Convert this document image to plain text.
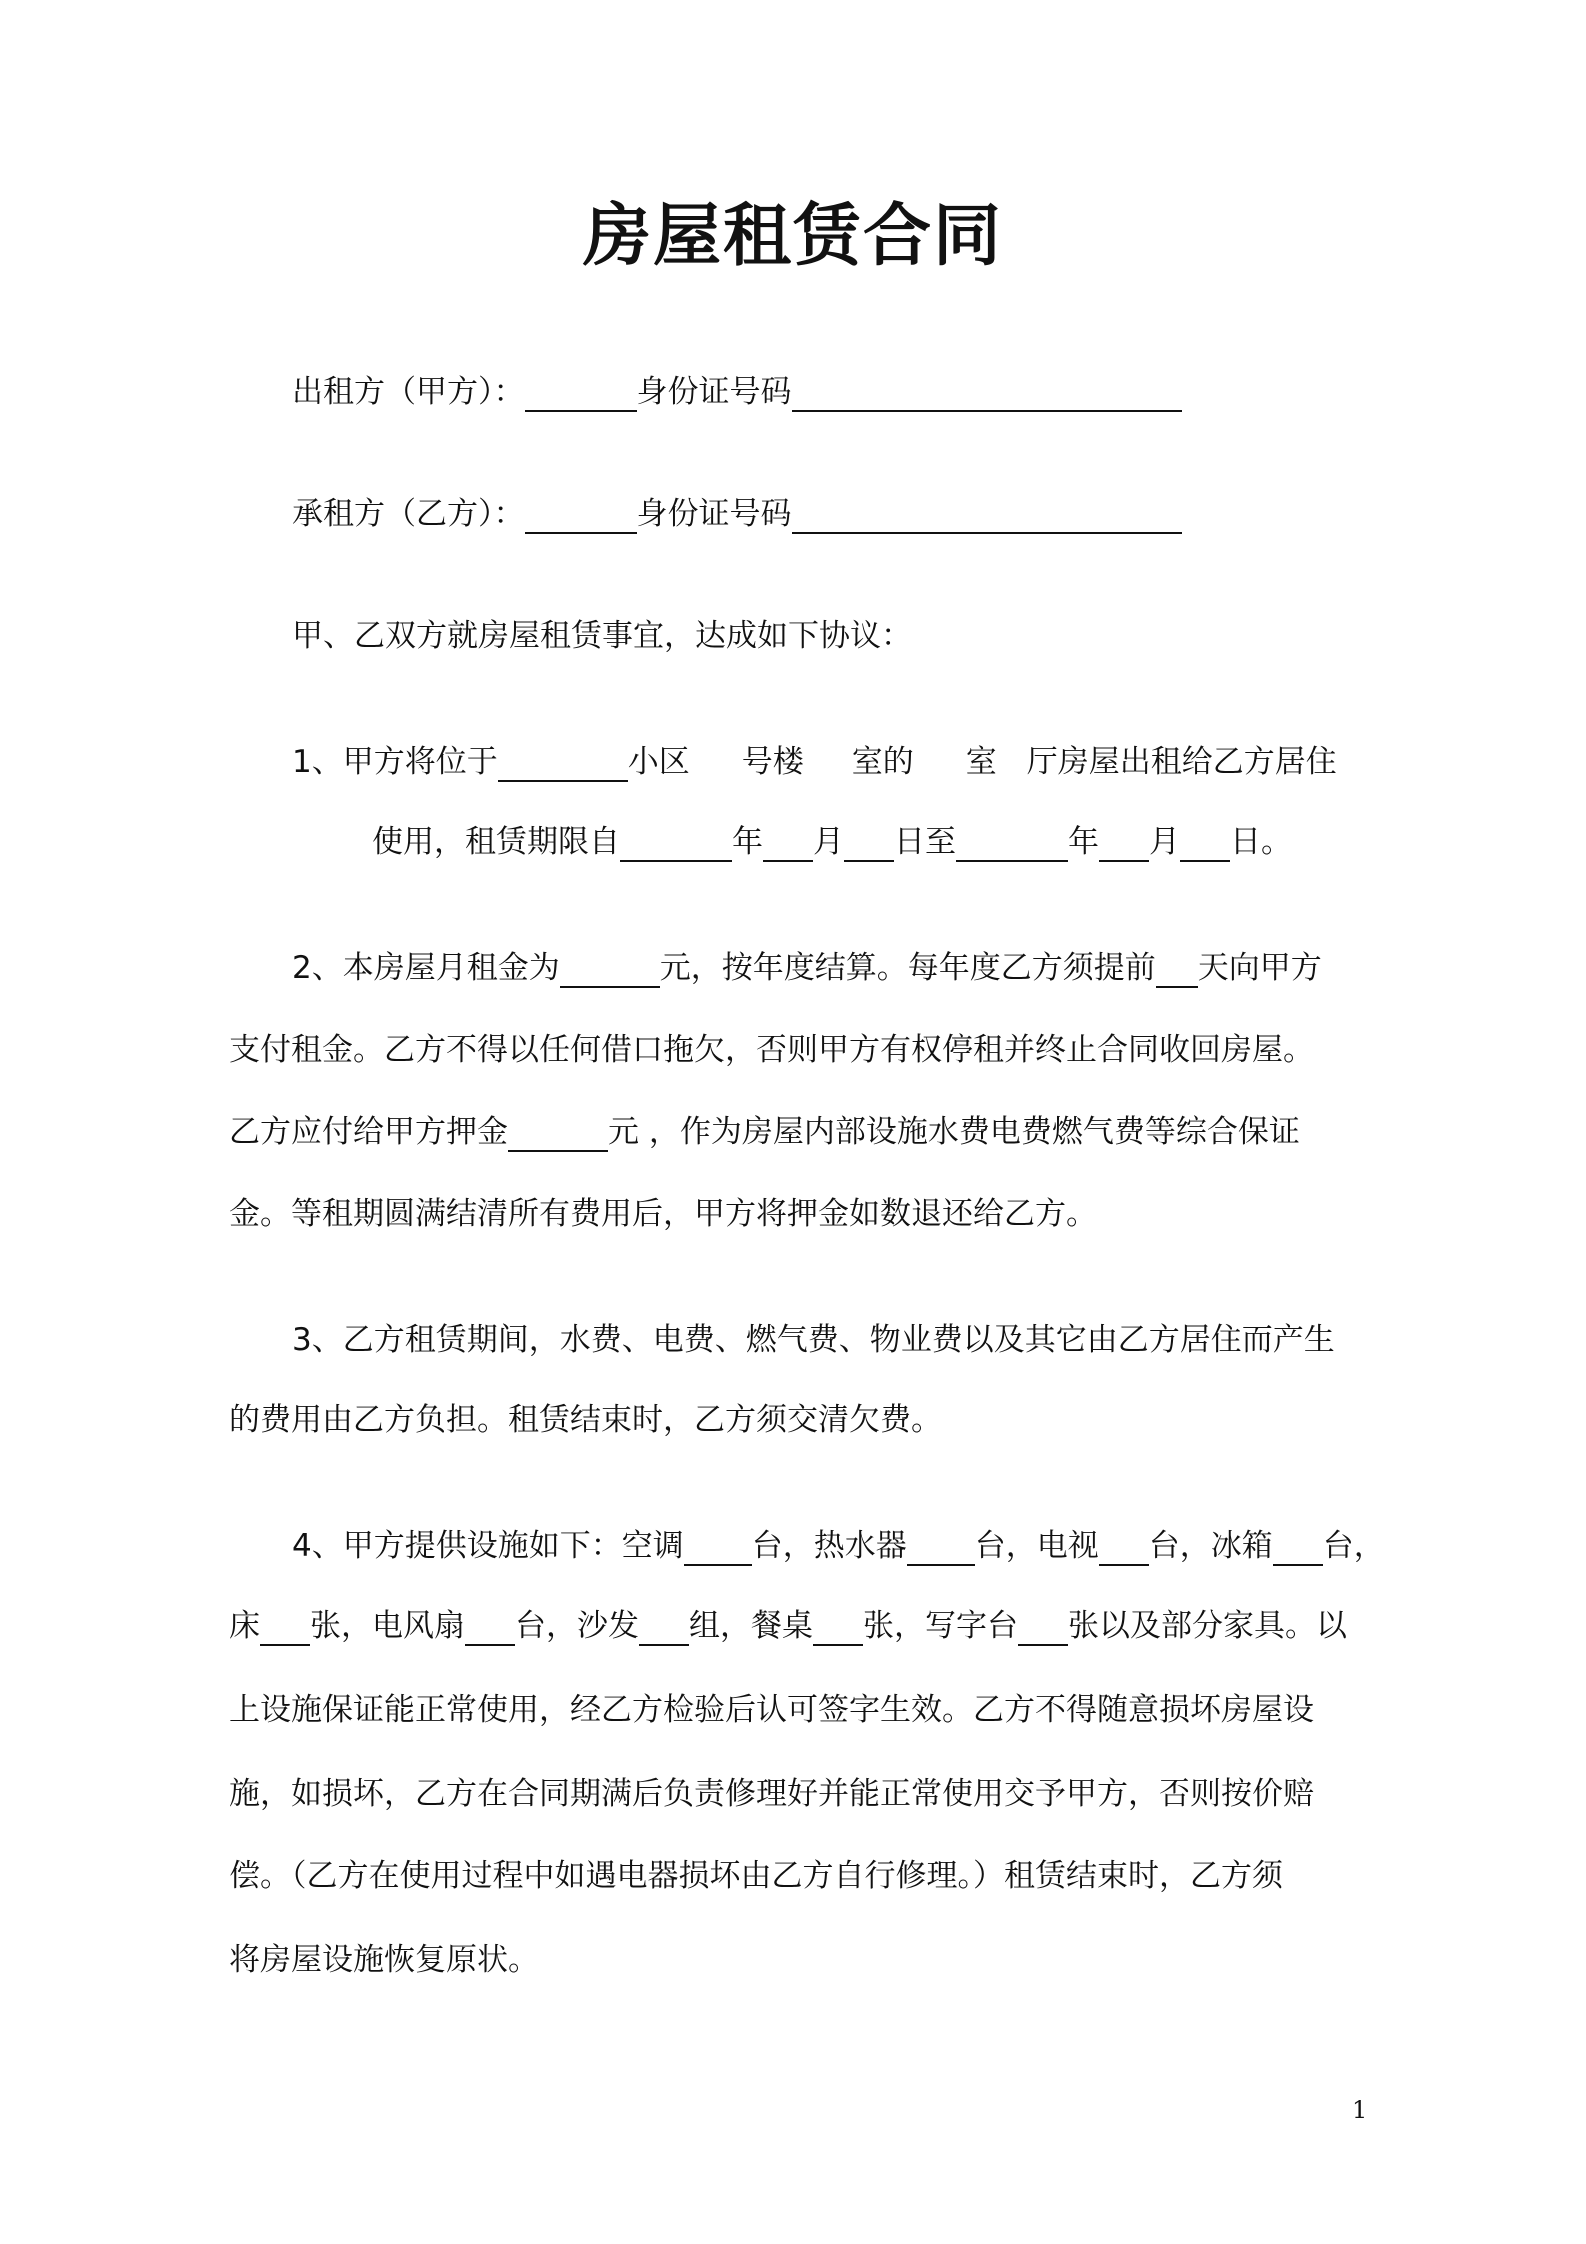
房屋租赁合同
出租方（甲方）：	身份证号码
承租方（乙方）：	身份证号码
甲、乙双方就房屋租赁事宜，达成如下协议：
1、甲方将位于	小区 号楼 室的 室 厅房屋出租给乙方居住
使用，租赁期限自	年 月 日至	年 月 日。
2、本房屋月租金为	元，按年度结算。每年度乙方须提前 天向甲方
支付租金。乙方不得以任何借口拖欠，否则甲方有权停租并终止合同收回房屋。
乙方应付给甲方押金	元 ，作为房屋内部设施水费电费燃气费等综合保证
金。等租期圆满结清所有费用后，甲方将押金如数退还给乙方。
3、乙方租赁期间，水费、电费、燃气费、物业费以及其它由乙方居住而产生
的费用由乙方负担。租赁结束时，乙方须交清欠费。
4、甲方提供设施如下：空调 台，热水器 台，电视 台，冰箱 台，
床 张，电风扇 台，沙发 组，餐桌 张，写字台 张以及部分家具。以
上设施保证能正常使用，经乙方检验后认可签字生效。乙方不得随意损坏房屋设
施，如损坏，乙方在合同期满后负责修理好并能正常使用交予甲方，否则按价赔
偿。（乙方在使用过程中如遇电器损坏由乙方自行修理。）租赁结束时，乙方须
将房屋设施恢复原状。
1
